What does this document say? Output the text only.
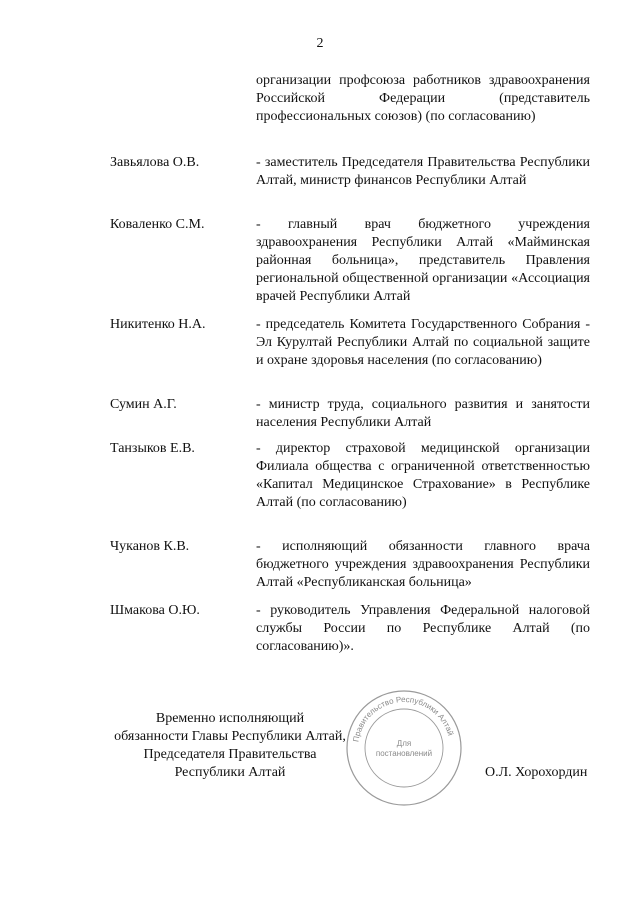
2
организации профсоюза работников здравоохранения Российской Федерации (представитель профессиональных союзов) (по согласованию)
Завьялова О.В.	- заместитель Председателя Правительства Республики Алтай, министр финансов Республики Алтай
Коваленко С.М.	- главный врач бюджетного учреждения здравоохранения Республики Алтай «Майминская районная больница», представитель Правления региональной общественной организации «Ассоциация врачей Республики Алтай
Никитенко Н.А.	- председатель Комитета Государственного Собрания - Эл Курултай Республики Алтай по социальной защите и охране здоровья населения (по согласованию)
Сумин А.Г.	- министр труда, социального развития и занятости населения Республики Алтай
Танзыков Е.В.	- директор страховой медицинской организации Филиала общества с ограниченной ответственностью «Капитал Медицинское Страхование» в Республике Алтай (по согласованию)
Чуканов К.В.	- исполняющий обязанности главного врача бюджетного учреждения здравоохранения Республики Алтай «Республиканская больница»
Шмакова О.Ю.	- руководитель Управления Федеральной налоговой службы России по Республике Алтай (по согласованию)».
Временно исполняющий
обязанности Главы Республики Алтай,
Председателя Правительства
Республики Алтай
Правительство Республики Алтай
Для
постановлений
О.Л. Хорохордин
